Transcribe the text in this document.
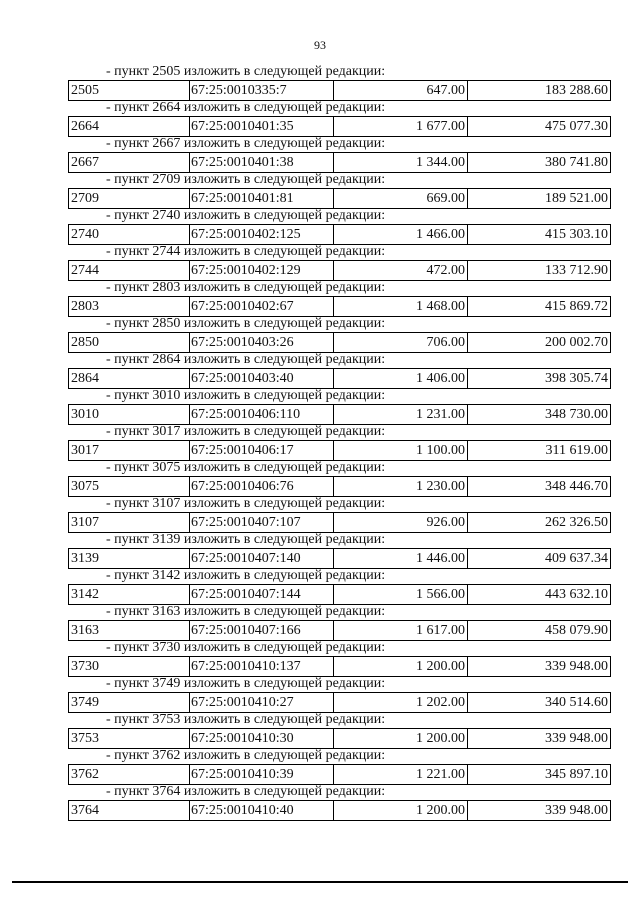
93
- пункт 2505 изложить в следующей редакции:
2505	67:25:0010335:7	647.00	183 288.60
- пункт 2664 изложить в следующей редакции:
2664	67:25:0010401:35	1 677.00	475 077.30
- пункт 2667 изложить в следующей редакции:
2667	67:25:0010401:38	1 344.00	380 741.80
- пункт 2709 изложить в следующей редакции:
2709	67:25:0010401:81	669.00	189 521.00
- пункт 2740 изложить в следующей редакции:
2740	67:25:0010402:125	1 466.00	415 303.10
- пункт 2744 изложить в следующей редакции:
2744	67:25:0010402:129	472.00	133 712.90
- пункт 2803 изложить в следующей редакции:
2803	67:25:0010402:67	1 468.00	415 869.72
- пункт 2850 изложить в следующей редакции:
2850	67:25:0010403:26	706.00	200 002.70
- пункт 2864 изложить в следующей редакции:
2864	67:25:0010403:40	1 406.00	398 305.74
- пункт 3010 изложить в следующей редакции:
3010	67:25:0010406:110	1 231.00	348 730.00
- пункт 3017 изложить в следующей редакции:
3017	67:25:0010406:17	1 100.00	311 619.00
- пункт 3075 изложить в следующей редакции:
3075	67:25:0010406:76	1 230.00	348 446.70
- пункт 3107 изложить в следующей редакции:
3107	67:25:0010407:107	926.00	262 326.50
- пункт 3139 изложить в следующей редакции:
3139	67:25:0010407:140	1 446.00	409 637.34
- пункт 3142 изложить в следующей редакции:
3142	67:25:0010407:144	1 566.00	443 632.10
- пункт 3163 изложить в следующей редакции:
3163	67:25:0010407:166	1 617.00	458 079.90
- пункт 3730 изложить в следующей редакции:
3730	67:25:0010410:137	1 200.00	339 948.00
- пункт 3749 изложить в следующей редакции:
3749	67:25:0010410:27	1 202.00	340 514.60
- пункт 3753 изложить в следующей редакции:
3753	67:25:0010410:30	1 200.00	339 948.00
- пункт 3762 изложить в следующей редакции:
3762	67:25:0010410:39	1 221.00	345 897.10
- пункт 3764 изложить в следующей редакции:
3764	67:25:0010410:40	1 200.00	339 948.00
